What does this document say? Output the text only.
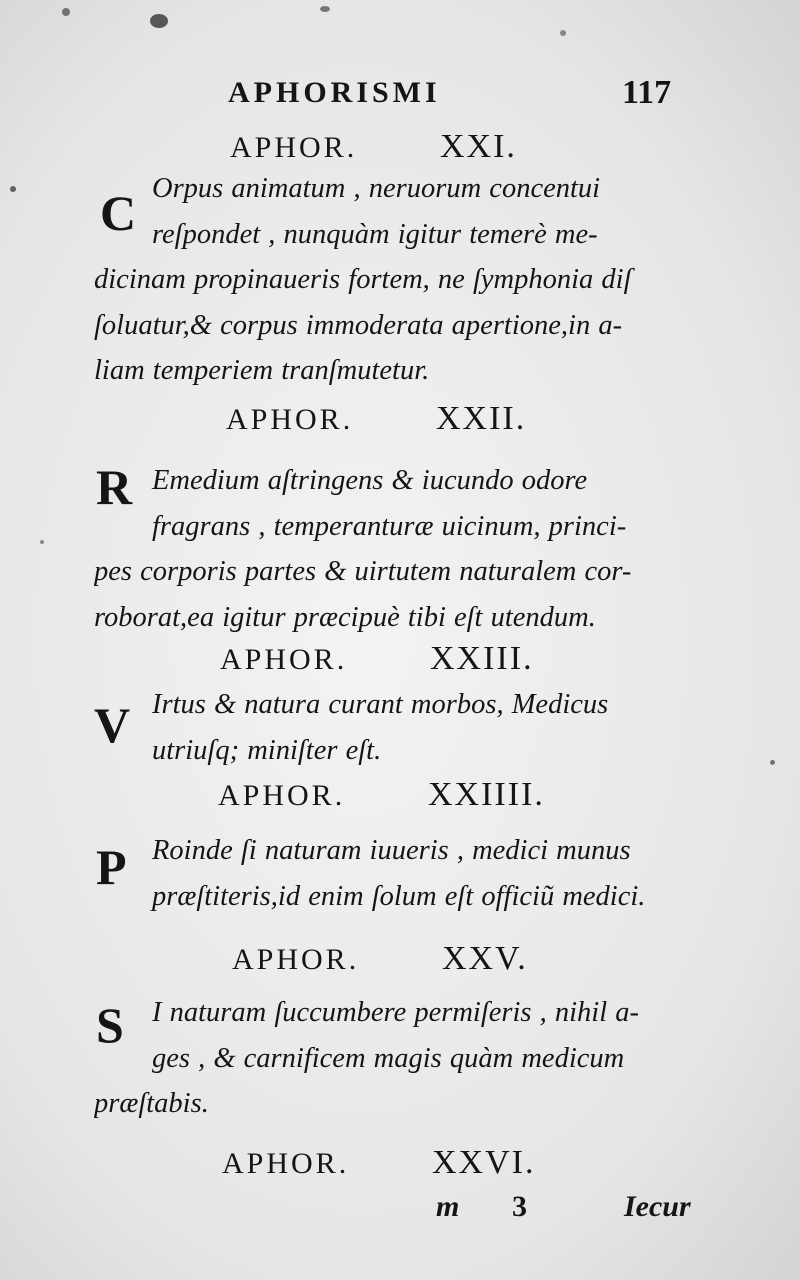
APHORISMI	117
APHOR. XXI.
C Orpus animatum , neruorum concentui
reſpondet , nunquàm igitur temerè me-
dicinam propinaueris fortem, ne ſymphonia diſ
ſoluatur,& corpus immoderata apertione,in a-
liam temperiem tranſmutetur.
APHOR. XXII.
R Emedium aſtringens & iucundo odore
fragrans , temperanturæ uicinum, princi-
pes corporis partes & uirtutem naturalem cor-
roborat,ea igitur præcipuè tibi eſt utendum.
APHOR. XXIII.
V Irtus & natura curant morbos, Medicus
utriuſq; miniſter eſt.
APHOR. XXIIII.
P Roinde ſi naturam iuueris , medici munus
præſtiteris,id enim ſolum eſt officiũ medici.
APHOR. XXV.
S I naturam ſuccumbere permiſeris , nihil a-
ges , & carnificem magis quàm medicum
præſtabis.
APHOR. XXVI.
m 3	Iecur
